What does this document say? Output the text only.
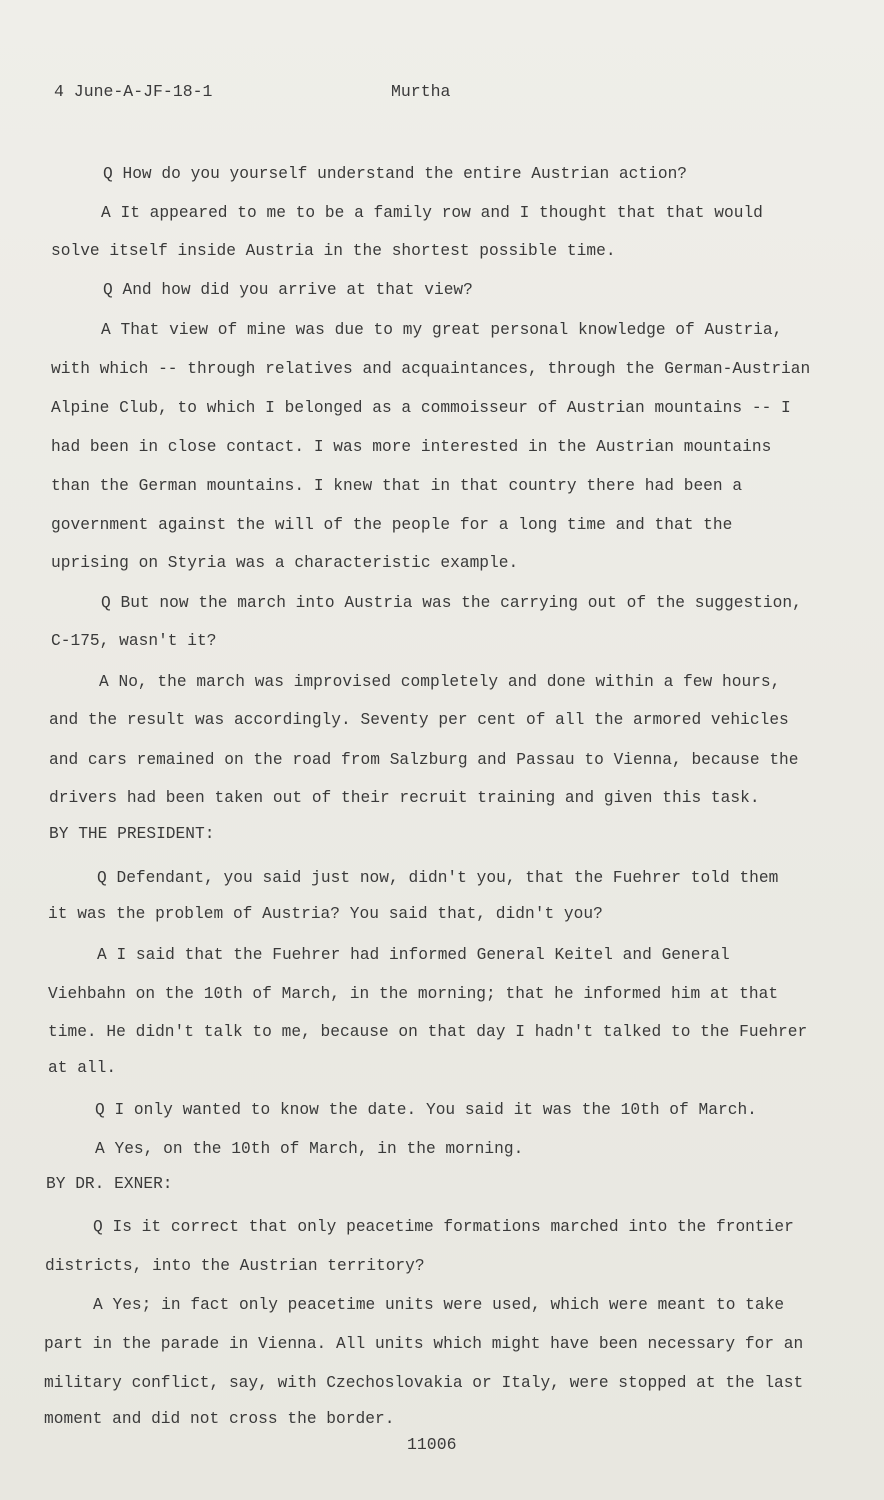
4 June-A-JF-18-1	Murtha
Q How do you yourself understand the entire Austrian action?
A It appeared to me to be a family row and I thought that that would
solve itself inside Austria in the shortest possible time.
Q And how did you arrive at that view?
A That view of mine was due to my great personal knowledge of Austria,
with which -- through relatives and acquaintances, through the German-Austrian
Alpine Club, to which I belonged as a commoisseur of Austrian mountains -- I
had been in close contact. I was more interested in the Austrian mountains
than the German mountains. I knew that in that country there had been a
government against the will of the people for a long time and that the
uprising on Styria was a characteristic example.
Q But now the march into Austria was the carrying out of the suggestion,
C-175, wasn't it?
A No, the march was improvised completely and done within a few hours,
and the result was accordingly. Seventy per cent of all the armored vehicles
and cars remained on the road from Salzburg and Passau to Vienna, because the
drivers had been taken out of their recruit training and given this task.
BY THE PRESIDENT:
Q Defendant, you said just now, didn't you, that the Fuehrer told them
it was the problem of Austria? You said that, didn't you?
A I said that the Fuehrer had informed General Keitel and General
Viehbahn on the 10th of March, in the morning; that he informed him at that
time. He didn't talk to me, because on that day I hadn't talked to the Fuehrer
at all.
Q I only wanted to know the date. You said it was the 10th of March.
A Yes, on the 10th of March, in the morning.
BY DR. EXNER:
Q Is it correct that only peacetime formations marched into the frontier
districts, into the Austrian territory?
A Yes; in fact only peacetime units were used, which were meant to take
part in the parade in Vienna. All units which might have been necessary for an
military conflict, say, with Czechoslovakia or Italy, were stopped at the last
moment and did not cross the border.
11006
